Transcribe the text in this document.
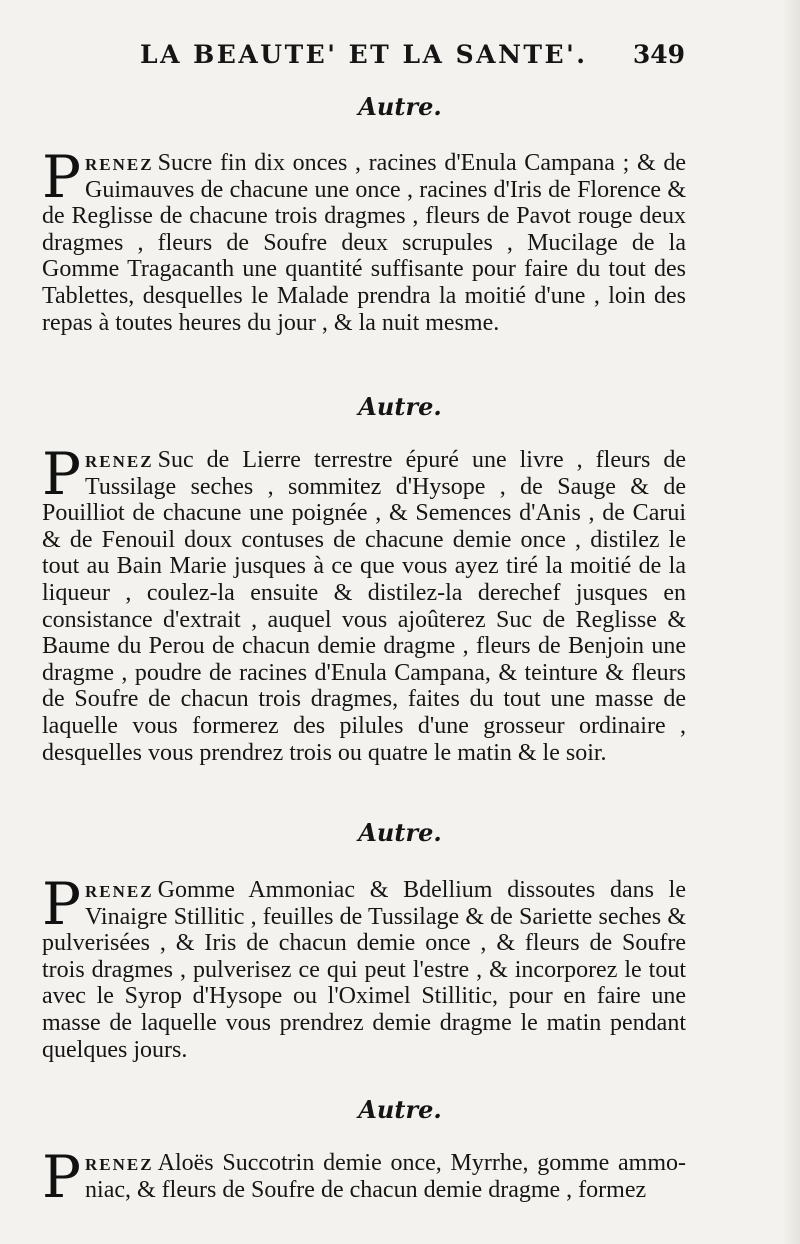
LA BEAUTE' ET LA SANTE'. 349
Autre.
Prenez Sucre fin dix onces , racines d'Enula Campana ; & de Guimauves de chacune une once , racines d'Iris de Florence & de Reglisse de chacune trois dragmes , fleurs de Pavot rouge deux dragmes , fleurs de Soufre deux scrupules , Mucilage de la Gomme Tragacanth une quantité suffisante pour faire du tout des Tablettes, desquelles le Malade prendra la moitié d'une , loin des repas à toutes heures du jour , & la nuit mesme.
Autre.
Prenez Suc de Lierre terrestre épuré une livre , fleurs de Tussilage seches , sommitez d'Hysope , de Sauge & de Pouilliot de chacune une poignée , & Semences d'Anis , de Carui & de Fenouil doux contuses de chacune demie once , distilez le tout au Bain Marie jusques à ce que vous ayez tiré la moitié de la liqueur , coulez-la ensuite & distilez-la derechef jusques en consistance d'extrait , auquel vous ajoûterez Suc de Reglisse & Baume du Perou de chacun demie dragme , fleurs de Benjoin une dragme , poudre de racines d'Enula Campana, & teinture & fleurs de Soufre de chacun trois dragmes, faites du tout une masse de laquelle vous formerez des pilules d'une grosseur ordinaire , desquelles vous prendrez trois ou quatre le matin & le soir.
Autre.
Prenez Gomme Ammoniac & Bdellium dissoutes dans le Vinaigre Stillitic , feuilles de Tussilage & de Sariette seches & pulverisées , & Iris de chacun demie once , & fleurs de Soufre trois dragmes , pulverisez ce qui peut l'estre , & incorporez le tout avec le Syrop d'Hysope ou l'Oximel Stillitic, pour en faire une masse de laquelle vous prendrez demie dragme le matin pendant quelques jours.
Autre.
Prenez Aloës Succotrin demie once, Myrrhe, gomme ammoniac, & fleurs de Soufre de chacun demie dragme , formez
